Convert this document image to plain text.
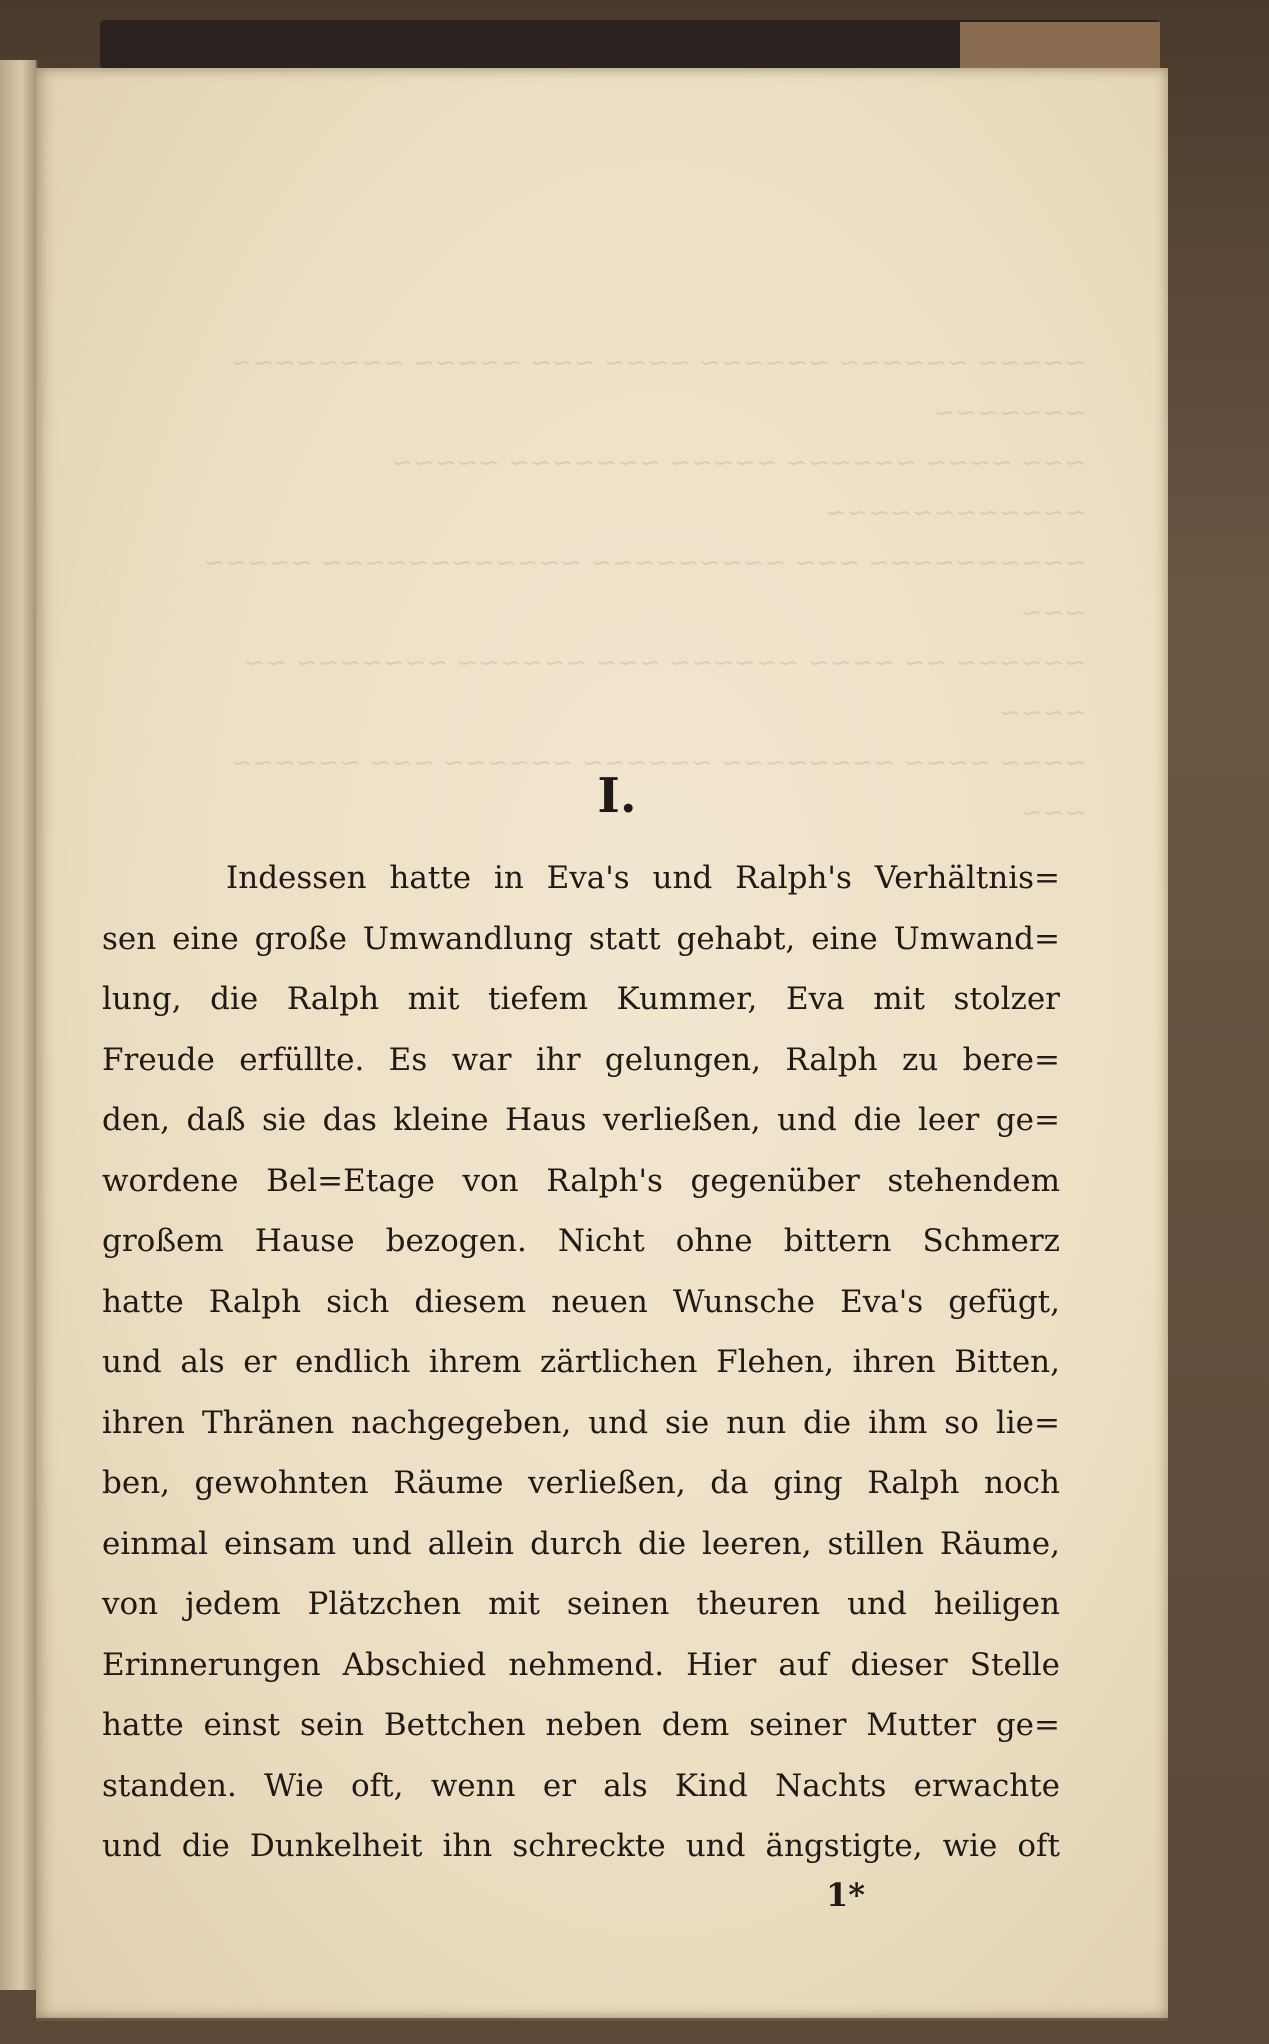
~~~~~ ~~~~~~ ~~~~~~ ~~~~ ~~~ ~~~~~ ~~~~~~~~ ~~~~~~~
~~~ ~~~~ ~~~~~~ ~~~~~ ~~~~~~~ ~~~~~ ~~~~~~~~~~~~
~~~~~~~~~~ ~~~ ~~~~~~~~~ ~~~~~~~~~~~~ ~~~~~ ~~~
~~~~~~ ~~ ~~~~ ~~~~~~ ~~~ ~~~~~~ ~~~~~~~ ~~ ~~~~
~~~~ ~~~~ ~~~~~~~~ ~~~~~~ ~~~~~~ ~~~ ~~~~~~ ~~~

I.
Indessen hatte in Eva's und Ralph's Verhältnis=
sen eine große Umwandlung statt gehabt, eine Umwand=
lung, die Ralph mit tiefem Kummer, Eva mit stolzer
Freude erfüllte. Es war ihr gelungen, Ralph zu bere=
den, daß sie das kleine Haus verließen, und die leer ge=
wordene Bel=Etage von Ralph's gegenüber stehendem
großem Hause bezogen. Nicht ohne bittern Schmerz
hatte Ralph sich diesem neuen Wunsche Eva's gefügt,
und als er endlich ihrem zärtlichen Flehen, ihren Bitten,
ihren Thränen nachgegeben, und sie nun die ihm so lie=
ben, gewohnten Räume verließen, da ging Ralph noch
einmal einsam und allein durch die leeren, stillen Räume,
von jedem Plätzchen mit seinen theuren und heiligen
Erinnerungen Abschied nehmend. Hier auf dieser Stelle
hatte einst sein Bettchen neben dem seiner Mutter ge=
standen. Wie oft, wenn er als Kind Nachts erwachte
und die Dunkelheit ihn schreckte und ängstigte, wie oft
1*
